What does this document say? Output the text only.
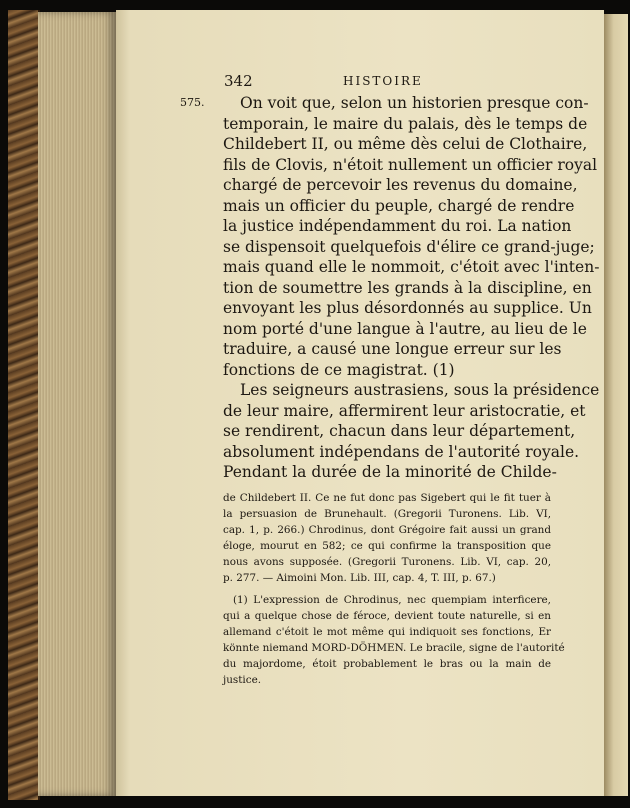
342	HISTOIRE
575. On voit que, selon un historien presque con-
temporain, le maire du palais, dès le temps de
Childebert II, ou même dès celui de Clothaire,
fils de Clovis, n'étoit nullement un officier royal
chargé de percevoir les revenus du domaine,
mais un officier du peuple, chargé de rendre
la justice indépendamment du roi. La nation
se dispensoit quelquefois d'élire ce grand-juge;
mais quand elle le nommoit, c'étoit avec l'inten-
tion de soumettre les grands à la discipline, en
envoyant les plus désordonnés au supplice. Un
nom porté d'une langue à l'autre, au lieu de le
traduire, a causé une longue erreur sur les
fonctions de ce magistrat. (1)
Les seigneurs austrasiens, sous la présidence
de leur maire, affermirent leur aristocratie, et
se rendirent, chacun dans leur département,
absolument indépendans de l'autorité royale.
Pendant la durée de la minorité de Childe-
de Childebert II. Ce ne fut donc pas Sigebert qui le fit tuer à
la persuasion de Brunehault. (Gregorii Turonens. Lib. VI,
cap. 1, p. 266.) Chrodinus, dont Grégoire fait aussi un grand
éloge, mourut en 582; ce qui confirme la transposition que
nous avons supposée. (Gregorii Turonens. Lib. VI, cap. 20,
p. 277. — Aimoini Mon. Lib. III, cap. 4, T. III, p. 67.)
(1) L'expression de Chrodinus, nec quempiam interficere,
qui a quelque chose de féroce, devient toute naturelle, si en
allemand c'étoit le mot même qui indiquoit ses fonctions, Er
könnte niemand MORD-DÖHMEN. Le bracile, signe de l'autorité
du majordome, étoit probablement le bras ou la main de
justice.
